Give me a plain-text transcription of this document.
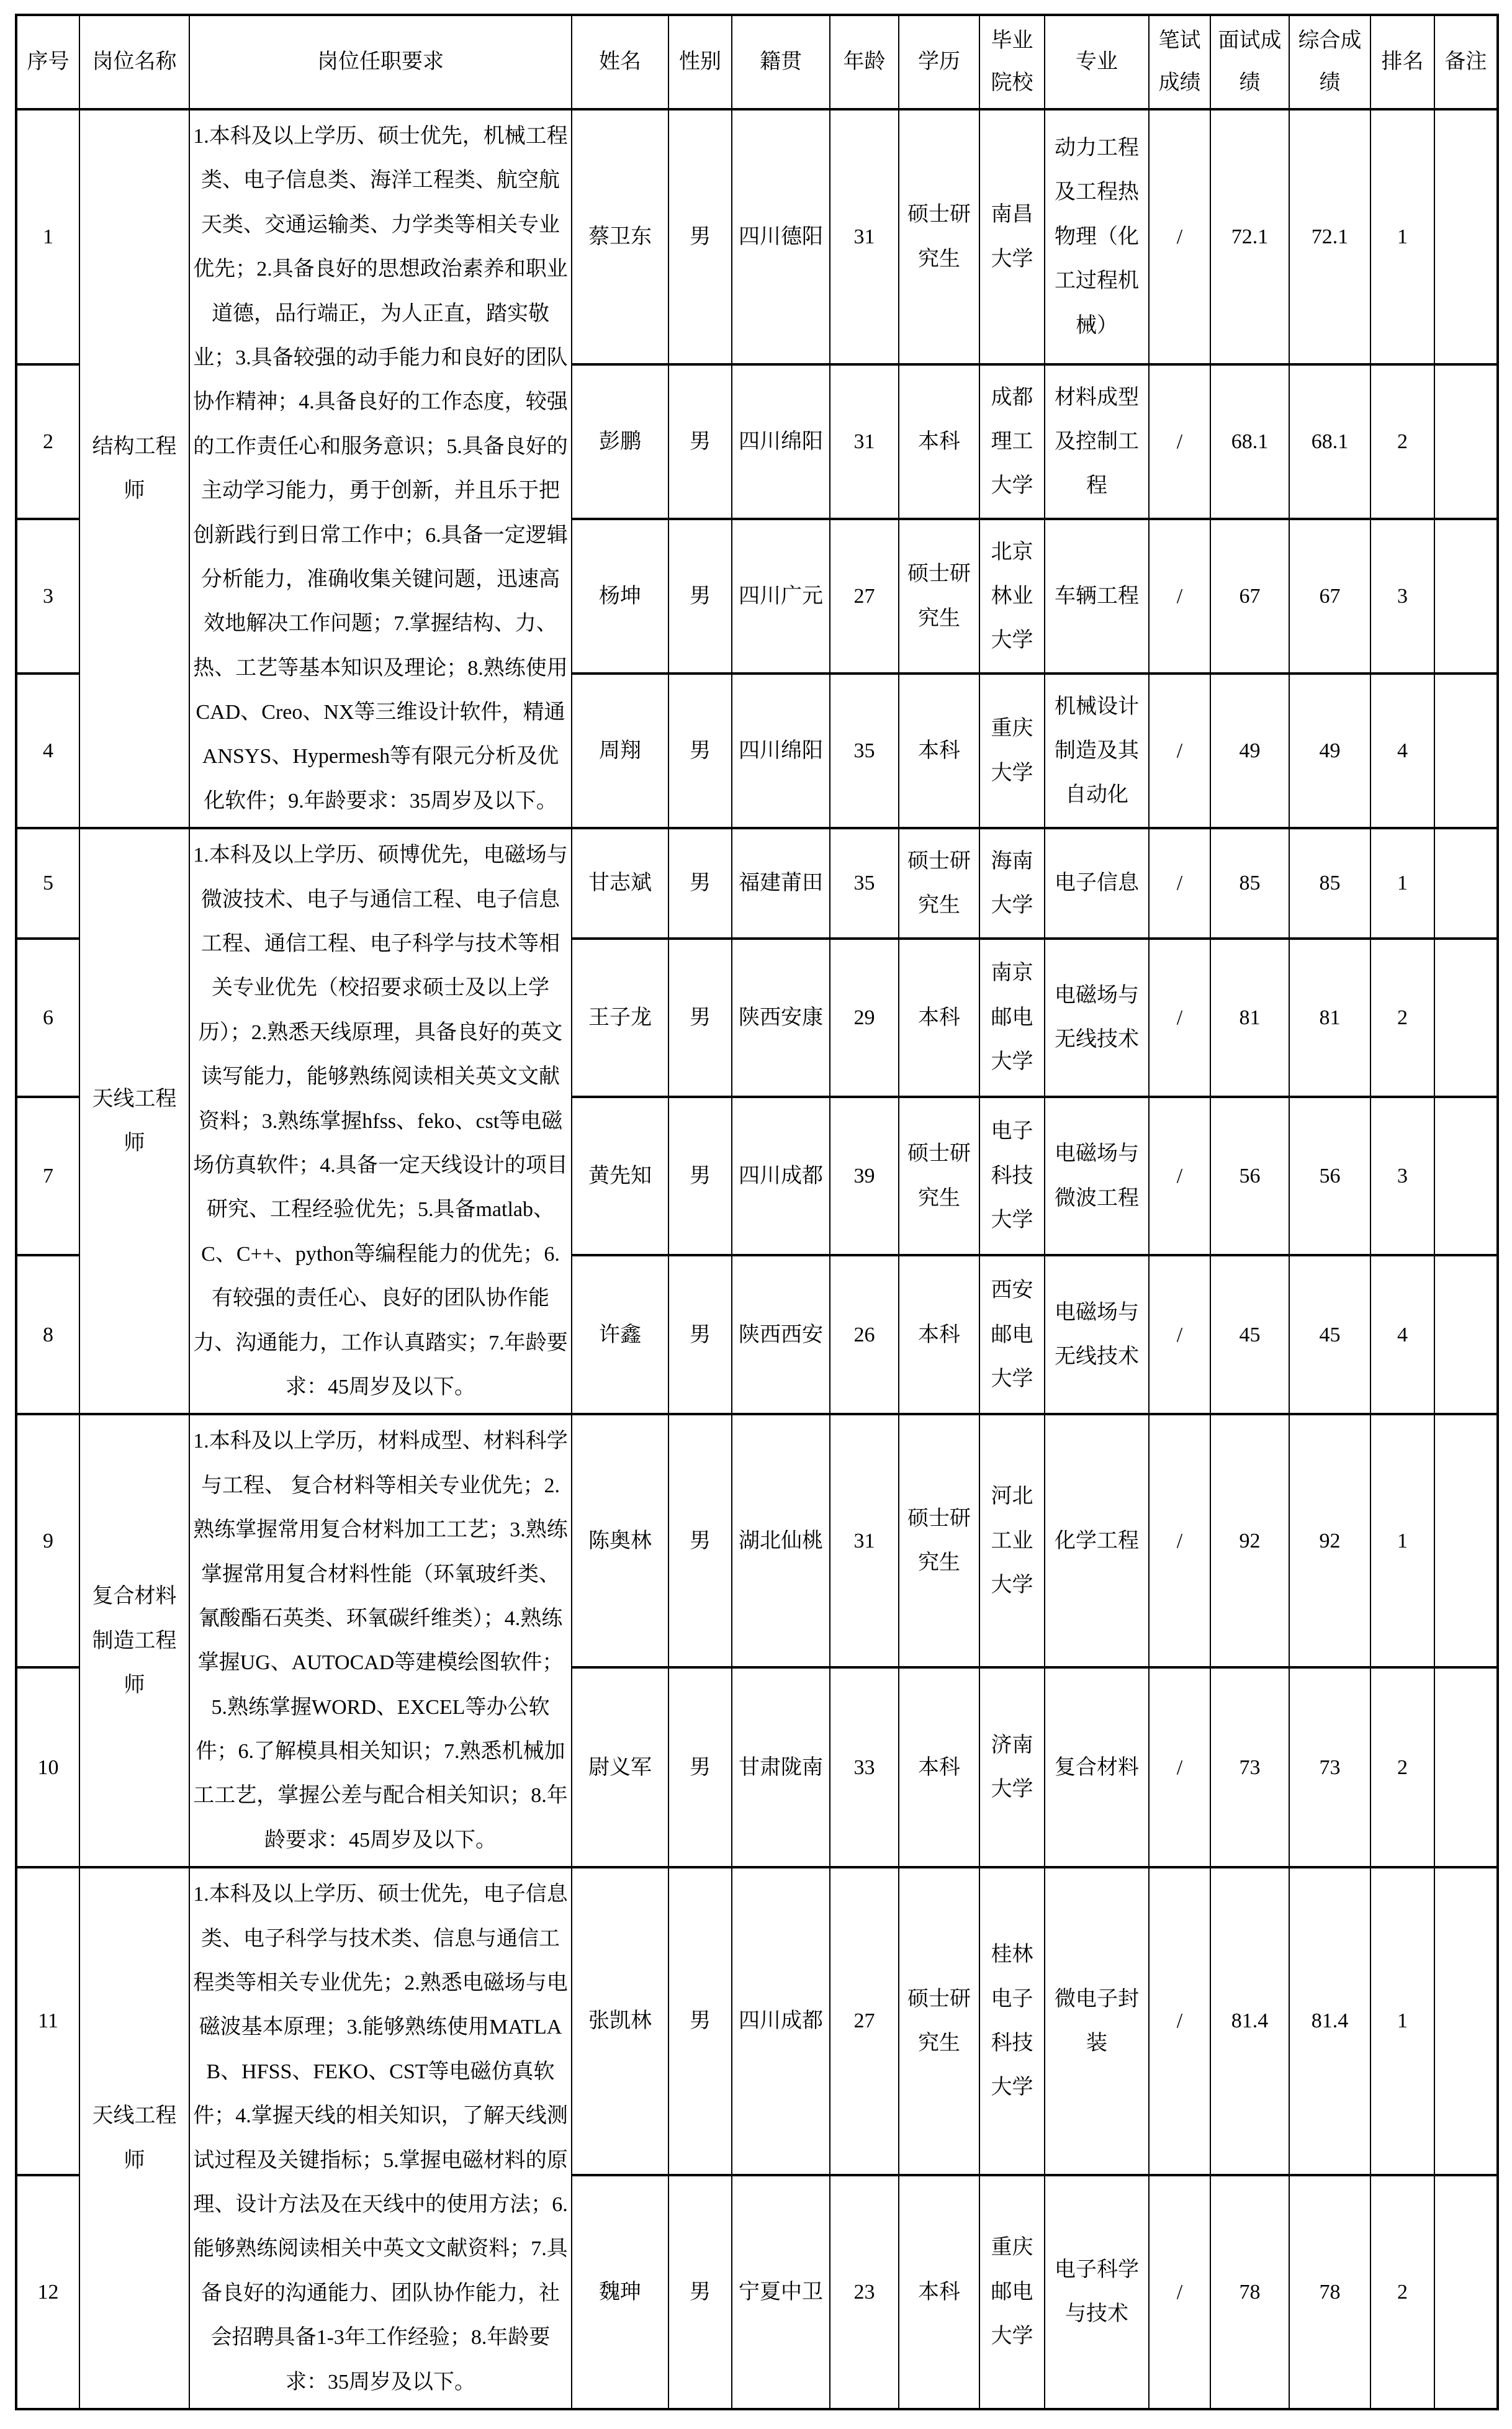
序号	岗位名称	岗位任职要求	姓名	性别	籍贯	年龄	学历	毕业院校	专业	笔试成绩	面试成绩	综合成绩	排名	备注
1	结构工程师	1.本科及以上学历、硕士优先，机械工程类、电子信息类、海洋工程类、航空航天类、交通运输类、力学类等相关专业优先；2.具备良好的思想政治素养和职业道德，品行端正，为人正直，踏实敬业；3.具备较强的动手能力和良好的团队协作精神；4.具备良好的工作态度，较强的工作责任心和服务意识；5.具备良好的主动学习能力，勇于创新，并且乐于把创新践行到日常工作中；6.具备一定逻辑分析能力，准确收集关键问题，迅速高效地解决工作问题；7.掌握结构、力、热、工艺等基本知识及理论；8.熟练使用CAD、Creo、NX等三维设计软件，精通ANSYS、Hypermesh等有限元分析及优化软件；9.年龄要求：35周岁及以下。	蔡卫东	男	四川德阳	31	硕士研究生	南昌大学	动力工程及工程热物理（化工过程机械）	/	72.1	72.1	1	
2			彭鹏	男	四川绵阳	31	本科	成都理工大学	材料成型及控制工程	/	68.1	68.1	2	
3			杨坤	男	四川广元	27	硕士研究生	北京林业大学	车辆工程	/	67	67	3	
4			周翔	男	四川绵阳	35	本科	重庆大学	机械设计制造及其自动化	/	49	49	4	
5	天线工程师	1.本科及以上学历、硕博优先，电磁场与微波技术、电子与通信工程、电子信息工程、通信工程、电子科学与技术等相关专业优先（校招要求硕士及以上学历）；2.熟悉天线原理，具备良好的英文读写能力，能够熟练阅读相关英文文献资料；3.熟练掌握hfss、feko、cst等电磁场仿真软件；4.具备一定天线设计的项目研究、工程经验优先；5.具备matlab、C、C++、python等编程能力的优先；6.有较强的责任心、良好的团队协作能力、沟通能力，工作认真踏实；7.年龄要求：45周岁及以下。	甘志斌	男	福建莆田	35	硕士研究生	海南大学	电子信息	/	85	85	1	
6			王子龙	男	陕西安康	29	本科	南京邮电大学	电磁场与无线技术	/	81	81	2	
7			黄先知	男	四川成都	39	硕士研究生	电子科技大学	电磁场与微波工程	/	56	56	3	
8			许鑫	男	陕西西安	26	本科	西安邮电大学	电磁场与无线技术	/	45	45	4	
9	复合材料制造工程师	1.本科及以上学历，材料成型、材料科学与工程、 复合材料等相关专业优先；2.熟练掌握常用复合材料加工工艺；3.熟练掌握常用复合材料性能（环氧玻纤类、氰酸酯石英类、环氧碳纤维类）；4.熟练掌握UG、AUTOCAD等建模绘图软件；5.熟练掌握WORD、EXCEL等办公软件；6.了解模具相关知识；7.熟悉机械加工工艺，掌握公差与配合相关知识；8.年龄要求：45周岁及以下。	陈奥林	男	湖北仙桃	31	硕士研究生	河北工业大学	化学工程	/	92	92	1	
10			尉义军	男	甘肃陇南	33	本科	济南大学	复合材料	/	73	73	2	
11	天线工程师	1.本科及以上学历、硕士优先，电子信息类、电子科学与技术类、信息与通信工程类等相关专业优先；2.熟悉电磁场与电磁波基本原理；3.能够熟练使用MATLAB、HFSS、FEKO、CST等电磁仿真软件；4.掌握天线的相关知识，了解天线测试过程及关键指标；5.掌握电磁材料的原理、设计方法及在天线中的使用方法；6.能够熟练阅读相关中英文文献资料；7.具备良好的沟通能力、团队协作能力，社会招聘具备1-3年工作经验；8.年龄要求：35周岁及以下。	张凯林	男	四川成都	27	硕士研究生	桂林电子科技大学	微电子封装	/	81.4	81.4	1	
12			魏珅	男	宁夏中卫	23	本科	重庆邮电大学	电子科学与技术	/	78	78	2	
